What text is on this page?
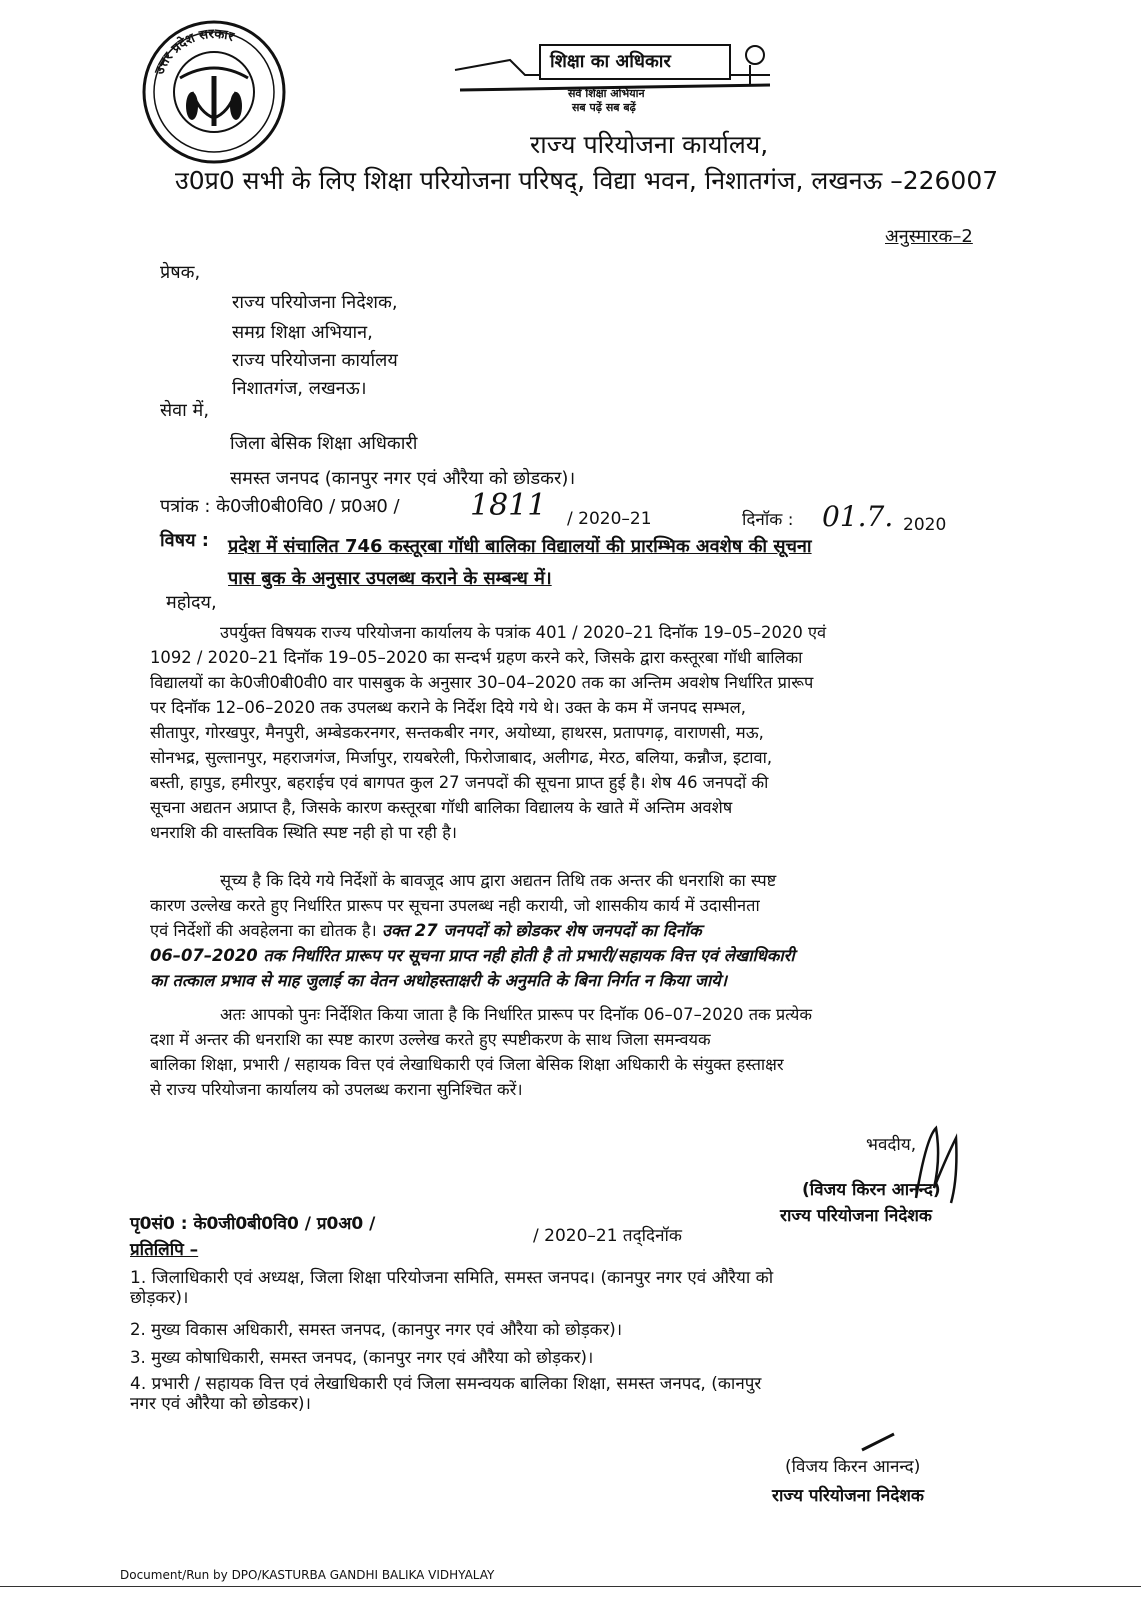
उत्तर प्रदेश सरकार
शिक्षा का अधिकार
सर्व शिक्षा अभियान
सब पढ़ें सब बढ़ें
राज्य परियोजना कार्यालय,
उ0प्र0 सभी के लिए शिक्षा परियोजना परिषद्, विद्या भवन, निशातगंज, लखनऊ –226007
अनुस्मारक–2
प्रेषक,
राज्य परियोजना निदेशक,
समग्र शिक्षा अभियान,
राज्य परियोजना कार्यालय
निशातगंज, लखनऊ।
सेवा में,
जिला बेसिक शिक्षा अधिकारी
समस्त जनपद (कानपुर नगर एवं औरैया को छोडकर)।
पत्रांक : के0जी0बी0वि0 / प्र0अ0 / 1811 / 2020–21	दिनॉक : 01.7. 2020
विषय : प्रदेश में संचालित 746 कस्तूरबा गॉधी बालिका विद्यालयों की प्रारम्भिक अवशेष की सूचना
पास बुक के अनुसार उपलब्ध कराने के सम्बन्ध में।
महोदय,
उपर्युक्त विषयक राज्य परियोजना कार्यालय के पत्रांक 401 / 2020–21 दिनॉक 19–05–2020 एवं
1092 / 2020–21 दिनॉक 19–05–2020 का सन्दर्भ ग्रहण करने करे, जिसके द्वारा कस्तूरबा गॉधी बालिका
विद्यालयों का के0जी0बी0वी0 वार पासबुक के अनुसार 30–04–2020 तक का अन्तिम अवशेष निर्धारित प्रारूप
पर दिनॉक 12–06–2020 तक उपलब्ध कराने के निर्देश दिये गये थे। उक्त के कम में जनपद सम्भल,
सीतापुर, गोरखपुर, मैनपुरी, अम्बेडकरनगर, सन्तकबीर नगर, अयोध्या, हाथरस, प्रतापगढ़, वाराणसी, मऊ,
सोनभद्र, सुल्तानपुर, महराजगंज, मिर्जापुर, रायबरेली, फिरोजाबाद, अलीगढ, मेरठ, बलिया, कन्नौज, इटावा,
बस्ती, हापुड, हमीरपुर, बहराईच एवं बागपत कुल 27 जनपदों की सूचना प्राप्त हुई है। शेष 46 जनपदों की
सूचना अद्यतन अप्राप्त है, जिसके कारण कस्तूरबा गॉधी बालिका विद्यालय के खाते में अन्तिम अवशेष
धनराशि की वास्तविक स्थिति स्पष्ट नही हो पा रही है।
सूच्य है कि दिये गये निर्देशों के बावजूद आप द्वारा अद्यतन तिथि तक अन्तर की धनराशि का स्पष्ट
कारण उल्लेख करते हुए निर्धारित प्रारूप पर सूचना उपलब्ध नही करायी, जो शासकीय कार्य में उदासीनता
एवं निर्देशों की अवहेलना का द्योतक है। उक्त 27 जनपदों को छोडकर शेष जनपदों का दिनॉक
06–07–2020 तक निर्धारित प्रारूप पर सूचना प्राप्त नही होती है तो प्रभारी/सहायक वित्त एवं लेखाधिकारी
का तत्काल प्रभाव से माह जुलाई का वेतन अधोहस्ताक्षरी के अनुमति के बिना निर्गत न किया जाये।
अतः आपको पुनः निर्देशित किया जाता है कि निर्धारित प्रारूप पर दिनॉक 06–07–2020 तक प्रत्येक
दशा में अन्तर की धनराशि का स्पष्ट कारण उल्लेख करते हुए स्पष्टीकरण के साथ जिला समन्वयक
बालिका शिक्षा, प्रभारी / सहायक वित्त एवं लेखाधिकारी एवं जिला बेसिक शिक्षा अधिकारी के संयुक्त हस्ताक्षर
से राज्य परियोजना कार्यालय को उपलब्ध कराना सुनिश्चित करें।
भवदीय,
(विजय किरन आनन्द)
राज्य परियोजना निदेशक
पृ0सं0 : के0जी0बी0वि0 / प्र0अ0 /
/ 2020–21 तद्‌दिनॉक
प्रतिलिपि –
1. जिलाधिकारी एवं अध्यक्ष, जिला शिक्षा परियोजना समिति, समस्त जनपद। (कानपुर नगर एवं औरैया को
छोड़कर)।
2. मुख्य विकास अधिकारी, समस्त जनपद, (कानपुर नगर एवं औरैया को छोड़कर)।
3. मुख्य कोषाधिकारी, समस्त जनपद, (कानपुर नगर एवं औरैया को छोड़कर)।
4. प्रभारी / सहायक वित्त एवं लेखाधिकारी एवं जिला समन्वयक बालिका शिक्षा, समस्त जनपद, (कानपुर
नगर एवं औरैया को छोडकर)।
(विजय किरन आनन्द)
राज्य परियोजना निदेशक
Document/Run by DPO/KASTURBA GANDHI BALIKA VIDHYALAY
